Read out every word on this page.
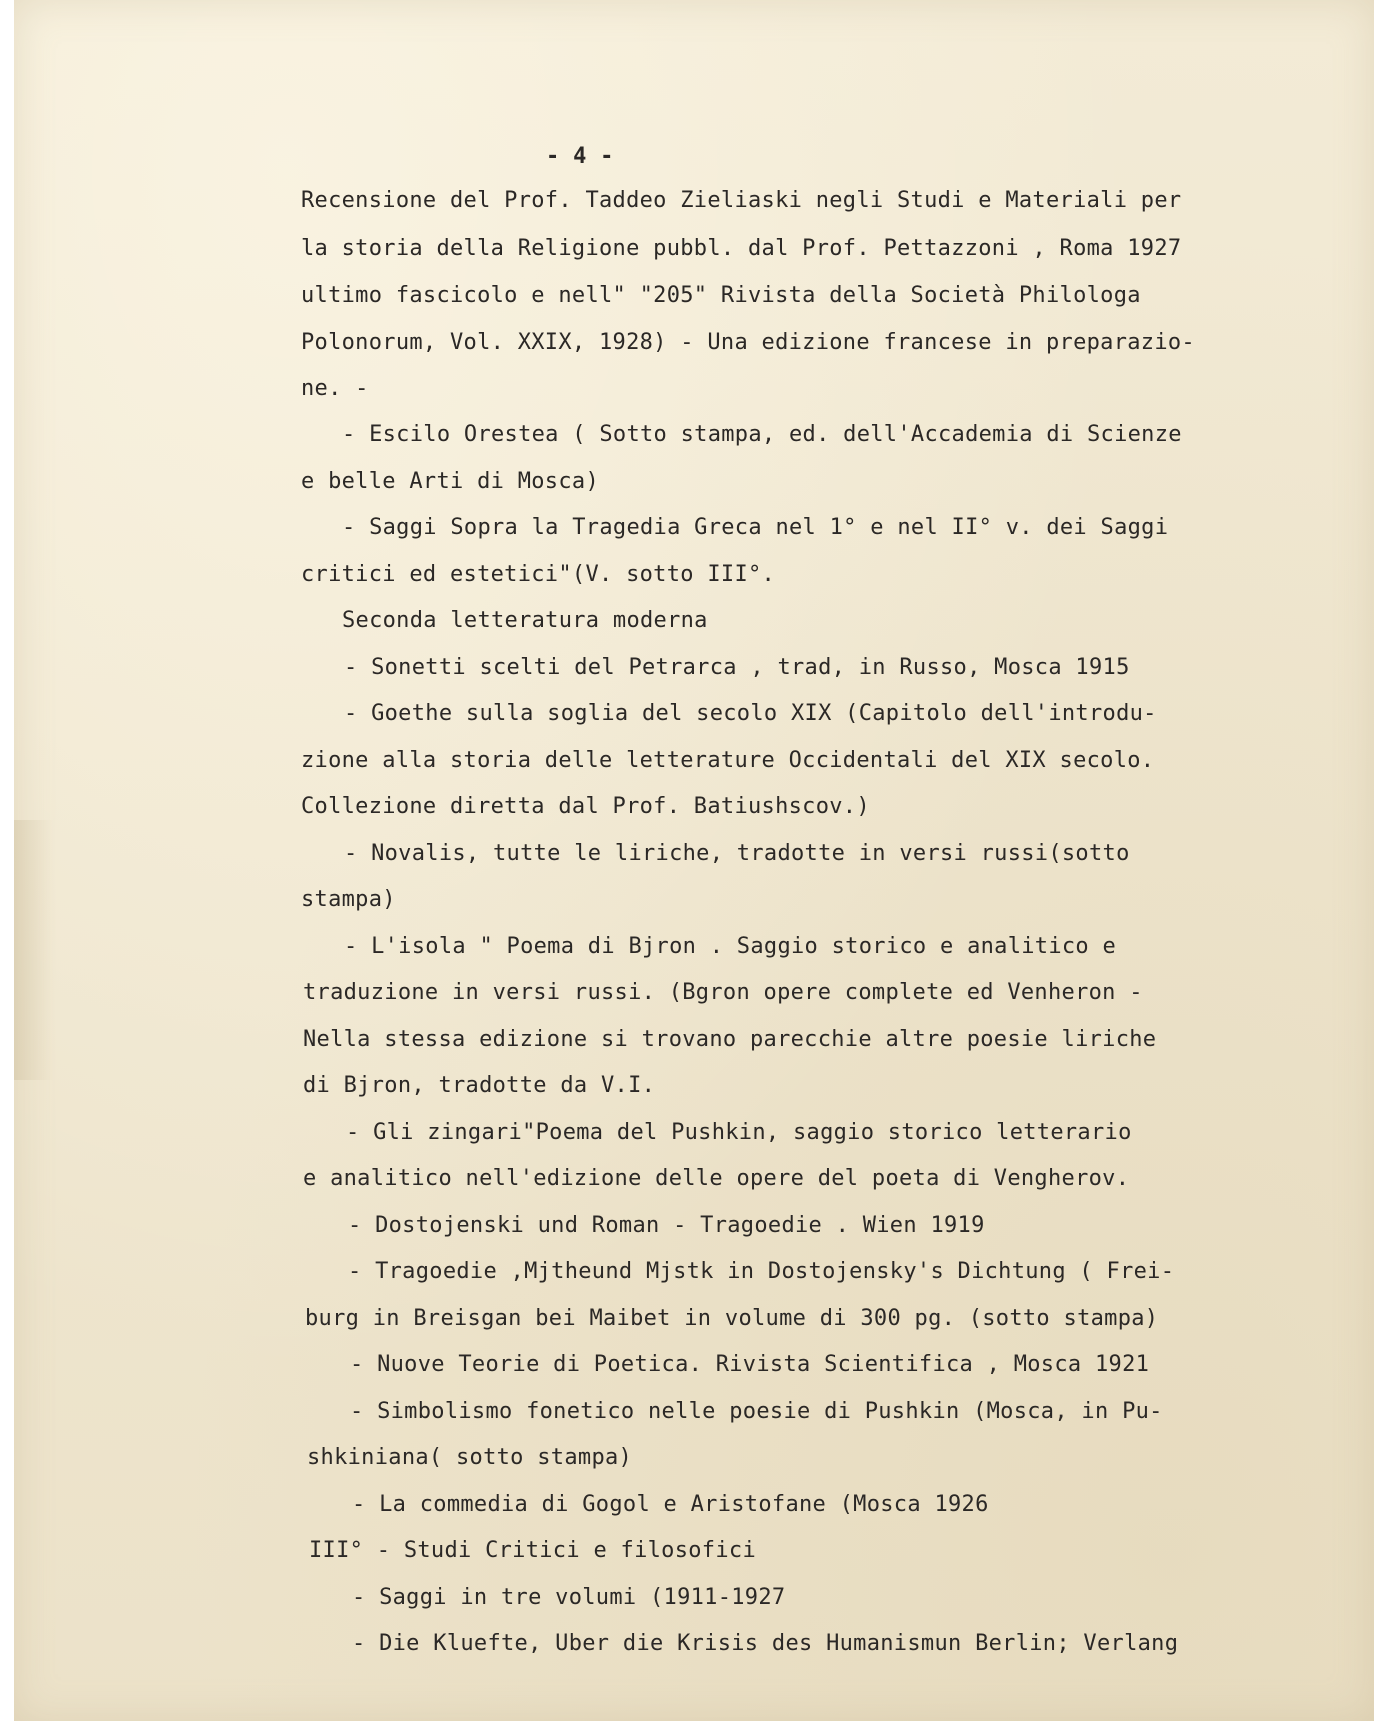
- 4 -
Recensione del Prof. Taddeo Zieliaski negli Studi e Materiali per
la storia della Religione pubbl. dal Prof. Pettazzoni , Roma 1927
ultimo fascicolo e nell" "205" Rivista della Società Philologa
Polonorum, Vol. XXIX, 1928) - Una edizione francese in preparazio-
ne. -
- Escilo Orestea ( Sotto stampa, ed. dell'Accademia di Scienze
e belle Arti di Mosca)
- Saggi Sopra la Tragedia Greca nel 1° e nel II° v. dei Saggi
critici ed estetici"(V. sotto III°.
Seconda letteratura moderna
- Sonetti scelti del Petrarca , trad, in Russo, Mosca 1915
- Goethe sulla soglia del secolo XIX (Capitolo dell'introdu-
zione alla storia delle letterature Occidentali del XIX secolo.
Collezione diretta dal Prof. Batiushscov.)
- Novalis, tutte le liriche, tradotte in versi russi(sotto
stampa)
- L'isola " Poema di Bjron . Saggio storico e analitico e
traduzione in versi russi. (Bgron opere complete ed Venheron -
Nella stessa edizione si trovano parecchie altre poesie liriche
di Bjron, tradotte da V.I.
- Gli zingari"Poema del Pushkin, saggio storico letterario
e analitico nell'edizione delle opere del poeta di Vengherov.
- Dostojenski und Roman - Tragoedie . Wien 1919
- Tragoedie ,Mjtheund Mjstk in Dostojensky's Dichtung ( Frei-
burg in Breisgan bei Maibet in volume di 300 pg. (sotto stampa)
- Nuove Teorie di Poetica. Rivista Scientifica , Mosca 1921
- Simbolismo fonetico nelle poesie di Pushkin (Mosca, in Pu-
shkiniana( sotto stampa)
- La commedia di Gogol e Aristofane (Mosca 1926
III° - Studi Critici e filosofici
- Saggi in tre volumi (1911-1927
- Die Kluefte, Uber die Krisis des Humanismun Berlin; Verlang
